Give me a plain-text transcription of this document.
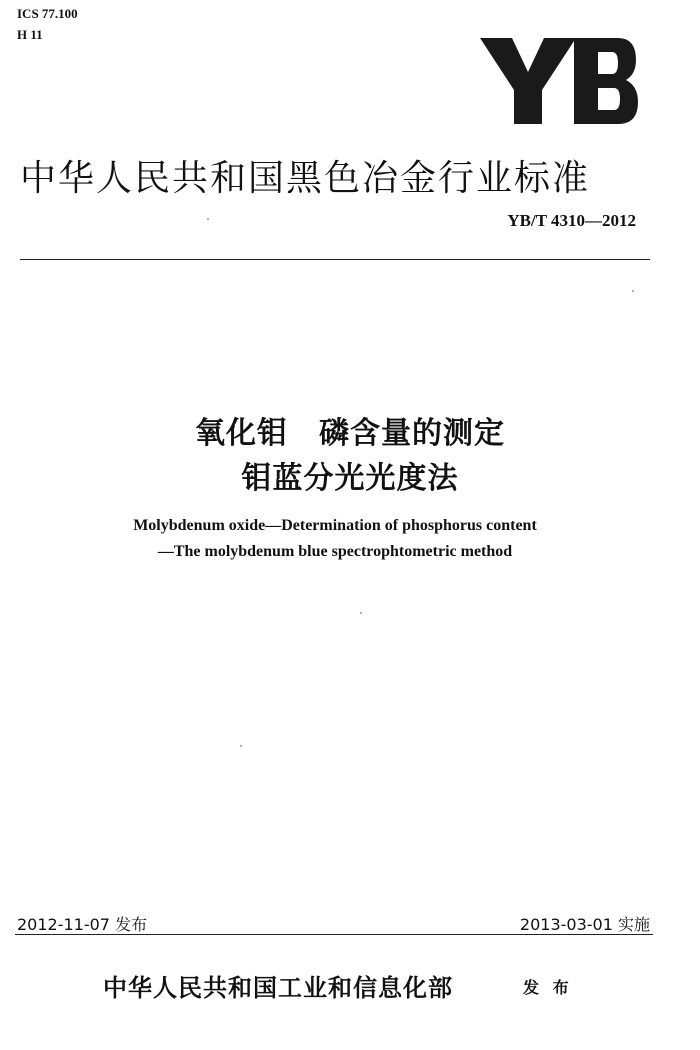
ICS 77.100
H 11
中华人民共和国黑色冶金行业标准
YB/T 4310—2012
氧化钼　磷含量的测定
钼蓝分光光度法
Molybdenum oxide—Determination of phosphorus content
—The molybdenum blue spectrophtometric method
2012-11-07 发布	2013-03-01 实施
中华人民共和国工业和信息化部	发 布
